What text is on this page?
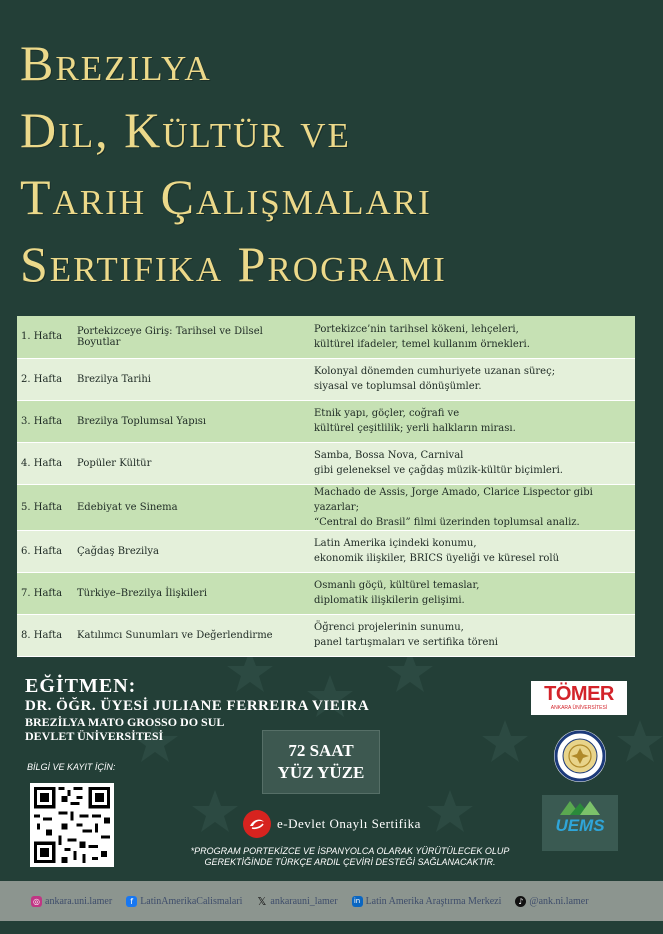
Brezilya
Dil, Kültür ve
Tarih Çalışmaları
Sertifika Programı
1. Hafta	Portekizceye Giriş: Tarihsel ve Dilsel Boyutlar	Portekizce’nin tarihsel kökeni, lehçeleri,
kültürel ifadeler, temel kullanım örnekleri.
2. Hafta	Brezilya Tarihi	Kolonyal dönemden cumhuriyete uzanan süreç;
siyasal ve toplumsal dönüşümler.
3. Hafta	Brezilya Toplumsal Yapısı	Etnik yapı, göçler, coğrafi ve
kültürel çeşitlilik; yerli halkların mirası.
4. Hafta	Popüler Kültür	Samba, Bossa Nova, Carnival
gibi geleneksel ve çağdaş müzik-kültür biçimleri.
5. Hafta	Edebiyat ve Sinema	Machado de Assis, Jorge Amado, Clarice Lispector gibi yazarlar;
“Central do Brasil” filmi üzerinden toplumsal analiz.
6. Hafta	Çağdaş Brezilya	Latin Amerika içindeki konumu,
ekonomik ilişkiler, BRICS üyeliği ve küresel rolü
7. Hafta	Türkiye–Brezilya İlişkileri	Osmanlı göçü, kültürel temaslar,
diplomatik ilişkilerin gelişimi.
8. Hafta	Katılımcı Sunumları ve Değerlendirme	Öğrenci projelerinin sunumu,
panel tartışmaları ve sertifika töreni
EĞİTMEN:
DR. ÖĞR. ÜYESİ JULIANE FERREIRA VIEIRA
BREZİLYA MATO GROSSO DO SUL
DEVLET ÜNİVERSİTESİ
BİLGİ VE KAYIT İÇİN:
72 SAAT
YÜZ YÜZE
e-Devlet Onaylı Sertifika
*PROGRAM PORTEKİZCE VE İSPANYOLCA OLARAK YÜRÜTÜLECEK OLUP
GEREKTİĞİNDE TÜRKÇE ARDIL ÇEVİRİ DESTEĞİ SAĞLANACAKTIR.
TÖMER
ANKARA ÜNİVERSİTESİ
UEMS
◎ ankara.uni.lamer	f LatinAmerikaCalismalari 𝕏 ankarauni_lamer	in Latin Amerika Araştırma Merkezi	♪ @ank.ni.lamer
